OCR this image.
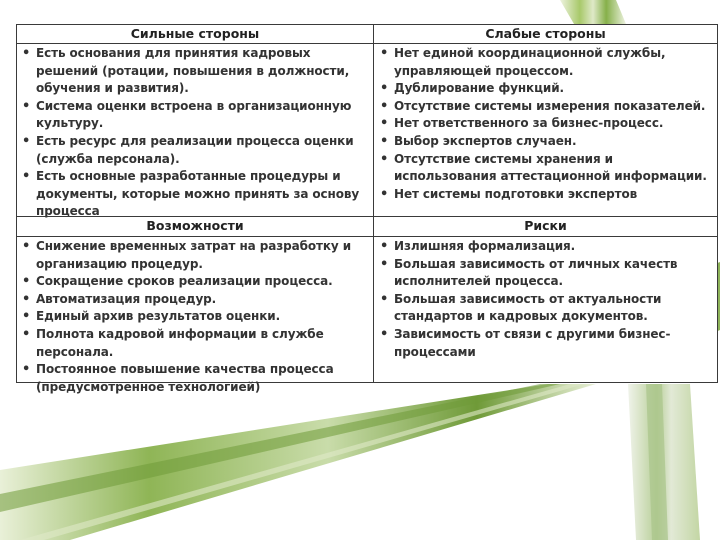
Сильные стороны	Слабые стороны
• Есть основания для принятия кадровых решений (ротации, повышения в должности, обучения и развития).
• Система оценки встроена в организационную культуру.
• Есть ресурс для реализации процесса оценки (служба персонала).
• Есть основные разработанные процедуры и документы, которые можно принять за основу процесса
• Нет единой координационной службы, управляющей процессом.
• Дублирование функций.
• Отсутствие системы измерения показателей.
• Нет ответственного за бизнес-процесс.
• Выбор экспертов случаен.
• Отсутствие системы хранения и использования аттестационной информации.
• Нет системы подготовки экспертов
Возможности	Риски
• Снижение временных затрат на разработку и организацию процедур.
• Сокращение сроков реализации процесса.
• Автоматизация процедур.
• Единый архив результатов оценки.
• Полнота кадровой информации в службе персонала.
• Постоянное повышение качества процесса (предусмотренное технологией)
• Излишняя формализация.
• Большая зависимость от личных качеств исполнителей процесса.
• Большая зависимость от актуальности стандартов и кадровых документов.
• Зависимость от связи с другими бизнес-процессами
